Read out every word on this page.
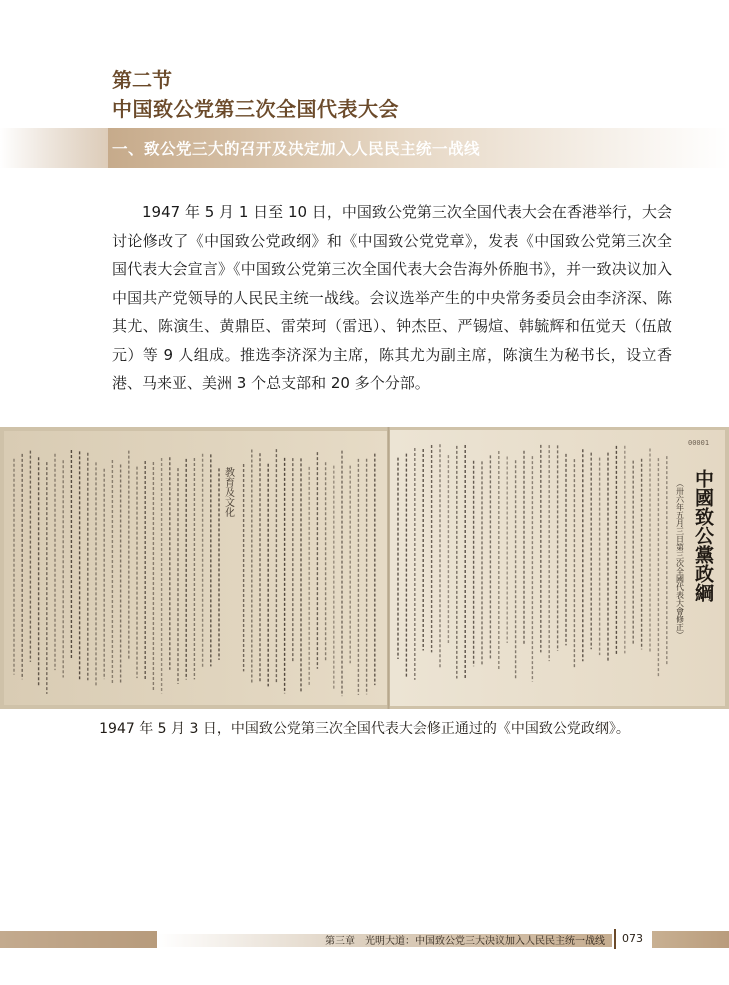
第二节
中国致公党第三次全国代表大会
一、致公党三大的召开及决定加入人民民主统一战线
1947 年 5 月 1 日至 10 日，中国致公党第三次全国代表大会在香港举行，大会讨论修改了《中国致公党政纲》和《中国致公党党章》，发表《中国致公党第三次全国代表大会宣言》《中国致公党第三次全国代表大会告海外侨胞书》，并一致决议加入中国共产党领导的人民民主统一战线。会议选举产生的中央常务委员会由李济深、陈其尤、陈演生、黄鼎臣、雷荣珂（雷迅）、钟杰臣、严锡煊、韩毓辉和伍觉天（伍啟元）等 9 人组成。推选李济深为主席，陈其尤为副主席，陈演生为秘书长，设立香港、马来亚、美洲 3 个总支部和 20 多个分部。
教育及文化	中國致公黨政綱
（卅六年五月三日第三次全國代表大會修正）
00001
1947 年 5 月 3 日，中国致公党第三次全国代表大会修正通过的《中国致公党政纲》。
第三章　光明大道：中国致公党三大决议加入人民民主统一战线 073
